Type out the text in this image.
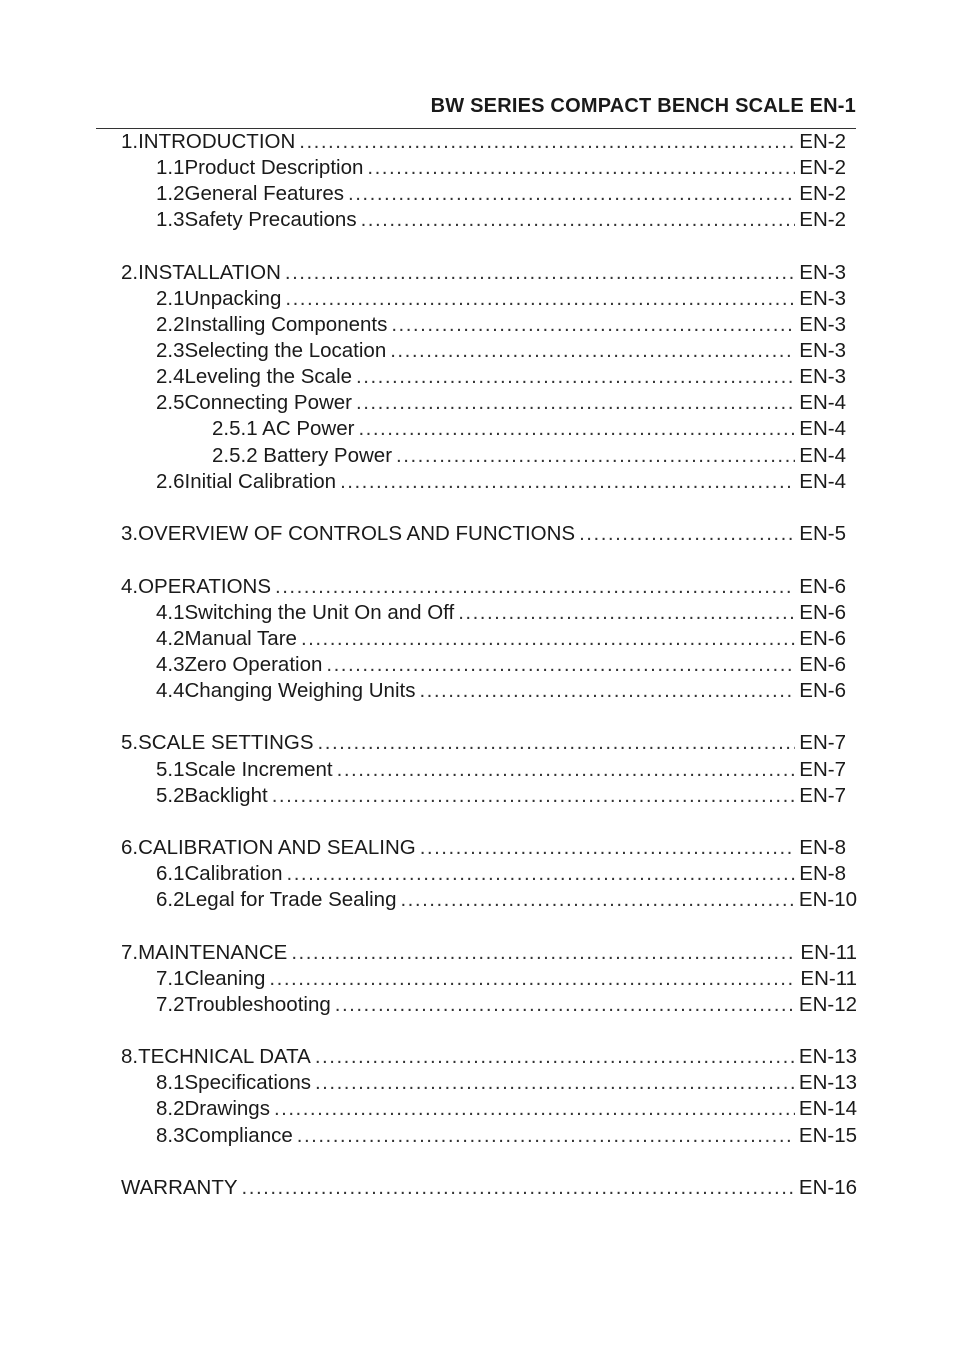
BW SERIES COMPACT BENCH SCALE EN-1
1. INTRODUCTION .....	EN-2
1.1 Product Description .....	EN-2
1.2 General Features .....	EN-2
1.3 Safety Precautions .....	EN-2
2. INSTALLATION .....	EN-3
2.1 Unpacking .....	EN-3
2.2 Installing Components .....	EN-3
2.3 Selecting the Location .....	EN-3
2.4 Leveling the Scale .....	EN-3
2.5 Connecting Power .....	EN-4
2.5.1 AC Power .....	EN-4
2.5.2 Battery Power .....	EN-4
2.6 Initial Calibration .....	EN-4
3. OVERVIEW OF CONTROLS AND FUNCTIONS .....	EN-5
4. OPERATIONS .....	EN-6
4.1 Switching the Unit On and Off .....	EN-6
4.2 Manual Tare .....	EN-6
4.3 Zero Operation .....	EN-6
4.4 Changing Weighing Units .....	EN-6
5. SCALE SETTINGS .....	EN-7
5.1 Scale Increment .....	EN-7
5.2 Backlight .....	EN-7
6. CALIBRATION AND SEALING .....	EN-8
6.1 Calibration .....	EN-8
6.2 Legal for Trade Sealing .....	EN-10
7. MAINTENANCE .....	EN-11
7.1 Cleaning .....	EN-11
7.2 Troubleshooting .....	EN-12
8. TECHNICAL DATA .....	EN-13
8.1 Specifications .....	EN-13
8.2 Drawings .....	EN-14
8.3 Compliance .....	EN-15
WARRANTY .....	EN-16
